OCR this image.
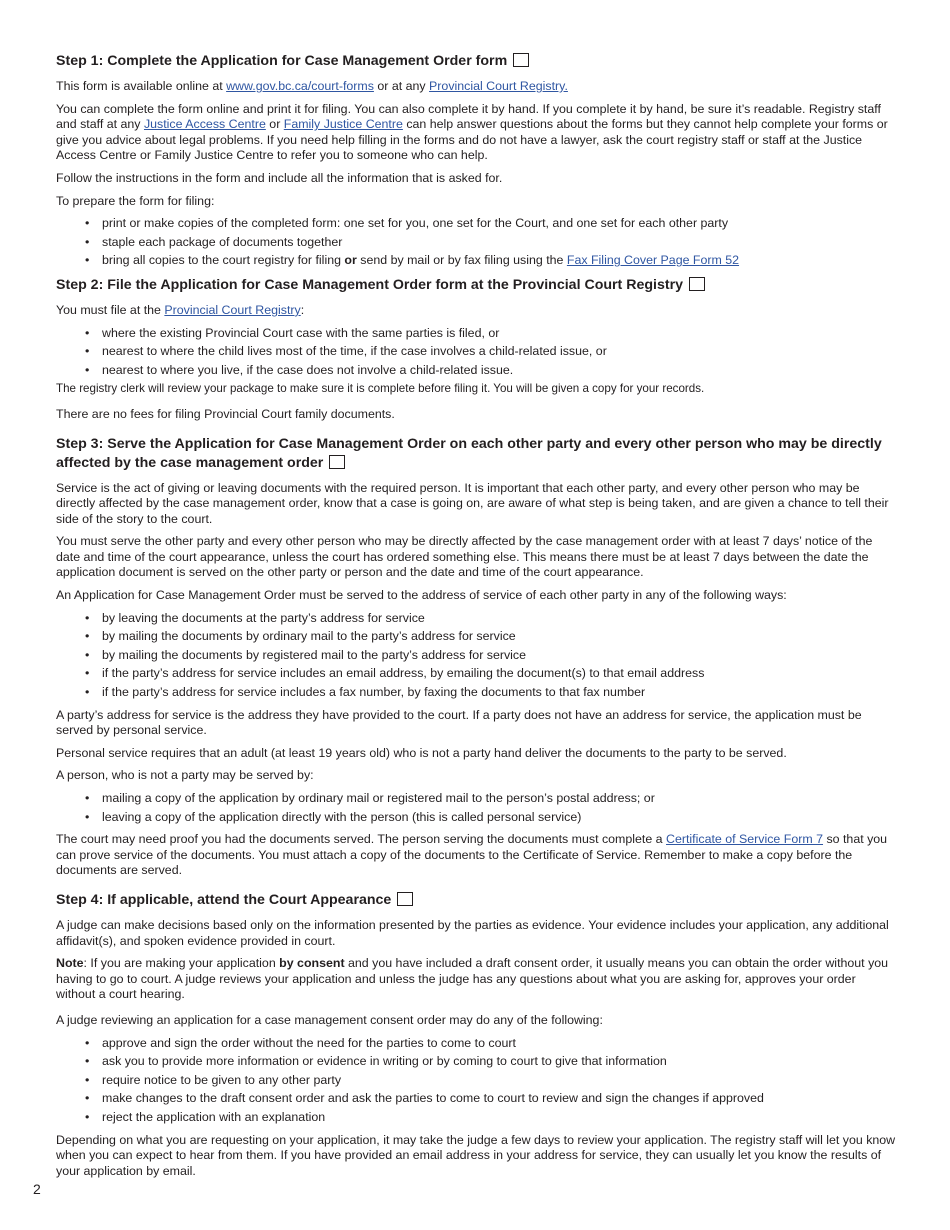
Step 1: Complete the Application for Case Management Order form

This form is available online at www.gov.bc.ca/court-forms or at any Provincial Court Registry.

You can complete the form online and print it for filing. You can also complete it by hand. If you complete it by hand, be sure it’s readable. Registry staff and staff at any Justice Access Centre or Family Justice Centre can help answer questions about the forms but they cannot help complete your forms or give you advice about legal problems. If you need help filling in the forms and do not have a lawyer, ask the court registry staff or staff at the Justice Access Centre or Family Justice Centre to refer you to someone who can help.

Follow the instructions in the form and include all the information that is asked for.

To prepare the form for filing:

• print or make copies of the completed form: one set for you, one set for the Court, and one set for each other party
• staple each package of documents together
• bring all copies to the court registry for filing or send by mail or by fax filing using the Fax Filing Cover Page Form 52
Step 2: File the Application for Case Management Order form at the Provincial Court Registry

You must file at the Provincial Court Registry:

• where the existing Provincial Court case with the same parties is filed, or
• nearest to where the child lives most of the time, if the case involves a child-related issue, or
• nearest to where you live, if the case does not involve a child-related issue.

The registry clerk will review your package to make sure it is complete before filing it. You will be given a copy for your records.

There are no fees for filing Provincial Court family documents.

Step 3: Serve the Application for Case Management Order on each other party and every other person who may be directly affected by the case management order

Service is the act of giving or leaving documents with the required person. It is important that each other party, and every other person who may be directly affected by the case management order, know that a case is going on, are aware of what step is being taken, and are given a chance to tell their side of the story to the court.

You must serve the other party and every other person who may be directly affected by the case management order with at least 7 days’ notice of the date and time of the court appearance, unless the court has ordered something else. This means there must be at least 7 days between the date the application document is served on the other party or person and the date and time of the court appearance.

An Application for Case Management Order must be served to the address of service of each other party in any of the following ways:

• by leaving the documents at the party’s address for service
• by mailing the documents by ordinary mail to the party’s address for service
• by mailing the documents by registered mail to the party’s address for service
• if the party’s address for service includes an email address, by emailing the document(s) to that email address
• if the party’s address for service includes a fax number, by faxing the documents to that fax number

A party’s address for service is the address they have provided to the court. If a party does not have an address for service, the application must be served by personal service.

Personal service requires that an adult (at least 19 years old) who is not a party hand deliver the documents to the party to be served.

A person, who is not a party may be served by:

• mailing a copy of the application by ordinary mail or registered mail to the person’s postal address; or
• leaving a copy of the application directly with the person (this is called personal service)

The court may need proof you had the documents served. The person serving the documents must complete a Certificate of Service Form 7 so that you can prove service of the documents. You must attach a copy of the documents to the Certificate of Service. Remember to make a copy before the documents are served.

Step 4: If applicable, attend the Court Appearance

A judge can make decisions based only on the information presented by the parties as evidence. Your evidence includes your application, any additional affidavit(s), and spoken evidence provided in court.

Note: If you are making your application by consent and you have included a draft consent order, it usually means you can obtain the order without you having to go to court. A judge reviews your application and unless the judge has any questions about what you are asking for, approves your order without a court hearing.

A judge reviewing an application for a case management consent order may do any of the following:

• approve and sign the order without the need for the parties to come to court
• ask you to provide more information or evidence in writing or by coming to court to give that information
• require notice to be given to any other party
• make changes to the draft consent order and ask the parties to come to court to review and sign the changes if approved
• reject the application with an explanation

Depending on what you are requesting on your application, it may take the judge a few days to review your application. The registry staff will let you know when you can expect to hear from them. If you have provided an email address in your address for service, they can usually let you know the results of your application by email.

2
